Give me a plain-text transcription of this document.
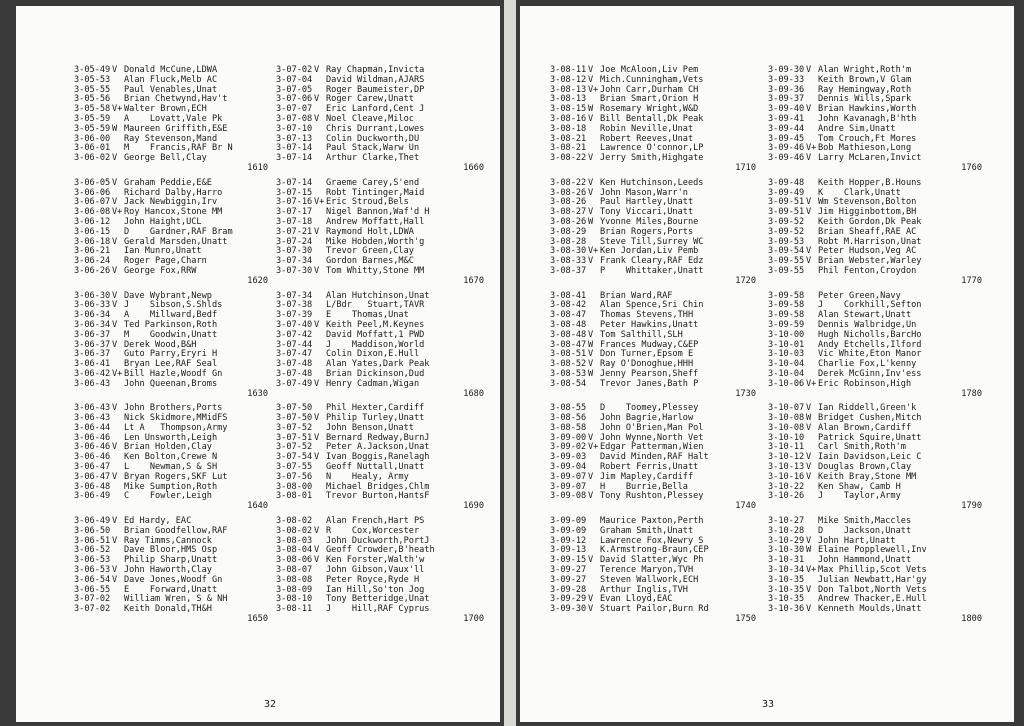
3-05-49 V Donald McCune,LDWA
3-05-53 Alan Fluck,Melb AC
3-05-55 Paul Venables,Unat
3-05-56 Brian Chetwynd,Hav't
3-05-58 V+ Walter Brown,ECH
3-05-59 A    Lovatt,Vale Pk
3-05-59 W Maureen Griffith,E&E
3-06-00 Ray Stevenson,Mand
3-06-01 M    Francis,RAF Br N
3-06-02 V George Bell,Clay
1610
3-06-05 V Graham Peddie,E&E
3-06-06 Richard Dalby,Harro
3-06-07 V Jack Newbiggin,Irv
3-06-08 V+ Roy Hancox,Stone MM
3-06-12 John Haight,UCL
3-06-15 D    Gardner,RAF Bram
3-06-18 V Gerald Marsden,Unatt
3-06-21 Ian Munro,Unatt
3-06-24 Roger Page,Charn
3-06-26 V George Fox,RRW
1620
3-06-30 V Dave Wybrant,Newp
3-06-33 V J    Sibson,S.Shlds
3-06-34 A    Millward,Bedf
3-06-34 V Ted Parkinson,Roth
3-06-37 M    Goodwin,Unatt
3-06-37 V Derek Wood,B&H
3-06-37 Guto Parry,Eryri H
3-06-41 Bryan Lee,RAF Seal
3-06-42 V+ Bill Hazle,Woodf Gn
3-06-43 John Queenan,Broms
1630
3-06-43 V John Brothers,Ports
3-06-43 Nick Skidmore,MMidFS
3-06-44 Lt A   Thompson,Army
3-06-46 Len Unsworth,Leigh
3-06-46 V Brian Holden,Clay
3-06-46 Ken Bolton,Crewe N
3-06-47 L    Newman,S & SH
3-06-47 V Bryan Rogers,SKF Lut
3-06-48 Mike Sumption,Roth
3-06-49 C    Fowler,Leigh
1640
3-06-49 V Ed Hardy, EAC
3-06-50 Brian Goodfellow,RAF
3-06-51 V Ray Timms,Cannock
3-06-52 Dave Bloor,HMS Osp
3-06-53 Philip Sharp,Unatt
3-06-53 V John Haworth,Clay
3-06-54 V Dave Jones,Woodf Gn
3-06-55 E    Forward,Unatt
3-07-02 William Wren, S & NH
3-07-02 Keith Donald,TH&H
1650
3-07-02 V Ray Chapman,Invicta
3-07-04 David Wildman,AJARS
3-07-05 Roger Baumeister,DP
3-07-06 V Roger Carew,Unatt
3-07-07 Eric Lanford,Cent J
3-07-08 V Noel Cleave,Miloc
3-07-10 Chris Durrant,Lowes
3-07-13 Colin Duckworth,DU
3-07-14 Paul Stack,Warw Un
3-07-14 Arthur Clarke,Thet
1660
3-07-14 Graeme Carey,S'end
3-07-15 Robt Tintinger,Maid
3-07-16 V+ Eric Stroud,Bels
3-07-17 Nigel Bannon,Waf'd H
3-07-18 Andrew Moffatt,Hall
3-07-21 V Raymond Holt,LDWA
3-07-24 Mike Hobden,Worth'g
3-07-30 Trevor Green,Clay
3-07-34 Gordon Barnes,M&C
3-07-30 V Tom Whitty,Stone MM
1670
3-07-34 Alan Hutchinson,Unat
3-07-38 L/Bdr   Stuart,TAVR
3-07-39 E    Thomas,Unat
3-07-40 V Keith Peel,M.Keynes
3-07-42 David Moffatt,1 PWD
3-07-44 J    Maddison,World
3-07-47 Colin Dixon,E.Hull
3-07-48 Alan Yates,Dark Peak
3-07-48 Brian Dickinson,Dud
3-07-49 V Henry Cadman,Wigan
1680
3-07-50 Phil Hexter,Cardiff
3-07-50 V Philip Turley,Unatt
3-07-52 John Benson,Unatt
3-07-51 V Bernard Redway,BurnJ
3-07-52 Peter A.Jackson,Unat
3-07-54 V Ivan Boggis,Ranelagh
3-07-55 Geoff Nuttall,Unatt
3-07-56 N    Healy, Army
3-08-00 Michael Bridges,Chlm
3-08-01 Trevor Burton,HantsF
1690
3-08-02 Alan French,Hart PS
3-08-02 V R    Cox,Worcester
3-08-03 John Duckworth,PortJ
3-08-04 V Geoff Crowder,B'heath
3-08-06 V Ken Forster,Walth'w
3-08-07 John Gibson,Vaux'll
3-08-08 Peter Royce,Ryde H
3-08-09 Ian Hill,So'ton Jog
3-08-10 Tony Betteridge,Unat
3-08-11 J    Hill,RAF Cyprus
1700
32
3-08-11 V Joe McAloon,Liv Pem
3-08-12 V Mich.Cunningham,Vets
3-08-13 V+ John Carr,Durham CH
3-08-13 Brian Smart,Orion H
3-08-15 W Rosemary Wright,W&D
3-08-16 V Bill Bentall,Dk Peak
3-08-18 Robin Neville,Unat
3-08-21 Robert Reeves,Unat
3-08-21 Lawrence O'connor,LP
3-08-22 V Jerry Smith,Highgate
1710
3-08-22 V Ken Hutchinson,Leeds
3-08-26 V John Mason,Warr'n
3-08-26 Paul Hartley,Unatt
3-08-27 V Tony Viccari,Unatt
3-08-26 W Yvonne Miles,Bourne
3-08-29 Brian Rogers,Ports
3-08-28 Steve Till,Surrey WC
3-08-30 V+ Ken Jordan,Liv Pemb
3-08-33 V Frank Cleary,RAF Edz
3-08-37 P    Whittaker,Unatt
1720
3-08-41 Brian Ward,RAF
3-08-42 Alan Spence,Sri Chin
3-08-47 Thomas Stevens,THH
3-08-48 Peter Hawkins,Unatt
3-08-48 V Tom Salthill,SLH
3-08-47 W Frances Mudway,C&EP
3-08-51 V Don Turner,Epsom E
3-08-52 V Ray O'Donoghue,HHH
3-08-53 W Jenny Pearson,Sheff
3-08-54 Trevor Janes,Bath P
1730
3-08-55 D    Toomey,Plessey
3-08-56 John Bagrie,Harlow
3-08-58 John O'Brien,Man Pol
3-09-00 V John Wynne,North Vet
3-09-02 V+ Edgar Patterman,Wien
3-09-03 David Minden,RAF Halt
3-09-04 Robert Ferris,Unatt
3-09-07 V Jim Mapley,Cardiff
3-09-07 H    Burrie,Bella
3-09-08 V Tony Rushton,Plessey
1740
3-09-09 Maurice Paxton,Perth
3-09-09 Graham Smith,Unatt
3-09-12 Lawrence Fox,Newry S
3-09-13 K.Armstrong-Braun,CEP
3-09-15 V David Slatter,Wyc Ph
3-09-27 Terence Maryon,TVH
3-09-27 Steven Wallwork,ECH
3-09-28 Arthur Inglis,TVH
3-09-29 V Evan Lloyd,EAC
3-09-30 V Stuart Pailor,Burn Rd
1750
3-09-30 V Alan Wright,Roth'm
3-09-33 Keith Brown,V Glam
3-09-36 Ray Hemingway,Roth
3-09-37 Dennis Wills,Spark
3-09-40 V Brian Hawkins,Worth
3-09-41 John Kavanagh,B'hth
3-09-44 Andre Sim,Unatt
3-09-45 Tom Crouch,Ft Mores
3-09-46 V+ Bob Mathieson,Long
3-09-46 V Larry McLaren,Invict
1760
3-09-48 Keith Hopper,B.Houns
3-09-49 K    Clark,Unatt
3-09-51 V Wm Stevenson,Bolton
3-09-51 V Jim Higginbottom,BH
3-09-52 Keith Gordon,Dk Peak
3-09-52 Brian Sheaff,RAE AC
3-09-53 Robt M.Harrison,Unat
3-09-54 V Peter Hudson,Veg AC
3-09-55 V Brian Webster,Warley
3-09-55 Phil Fenton,Croydon
1770
3-09-58 Peter Green,Navy
3-09-58 J    Corkhill,Sefton
3-09-58 Alan Stewart,Unatt
3-09-59 Dennis Walbridge,Un
3-10-00 Hugh Nicholls,BarcHo
3-10-01 Andy Etchells,Ilford
3-10-03 Vic White,Eton Manor
3-10-04 Charlie Fox,L'kenny
3-10-04 Derek McGinn,Inv'ess
3-10-06 V+ Eric Robinson,High
1780
3-10-07 V Ian Riddell,Green'k
3-10-08 W Bridget Cushen,Mitch
3-10-08 V Alan Brown,Cardiff
3-10-10 Patrick Squire,Unatt
3-10-11 Carl Smith,Roth'm
3-10-12 V Iain Davidson,Leic C
3-10-13 V Douglas Brown,Clay
3-10-16 V Keith Bray,Stone MM
3-10-22 Ken Shaw, Camb H
3-10-26 J    Taylor,Army
1790
3-10-27 Mike Smith,Maccles
3-10-28 D    Jackson,Unatt
3-10-29 V John Hart,Unatt
3-10-30 W Elaine Popplewell,Inv
3-10-31 John Hammond,Unatt
3-10-34 V+ Max Phillip,Scot Vets
3-10-35 Julian Newbatt,Har'gy
3-10-35 V Don Talbot,North Vets
3-10-35 Andrew Thacker,E.Hull
3-10-36 V Kenneth Moulds,Unatt
1800
33
